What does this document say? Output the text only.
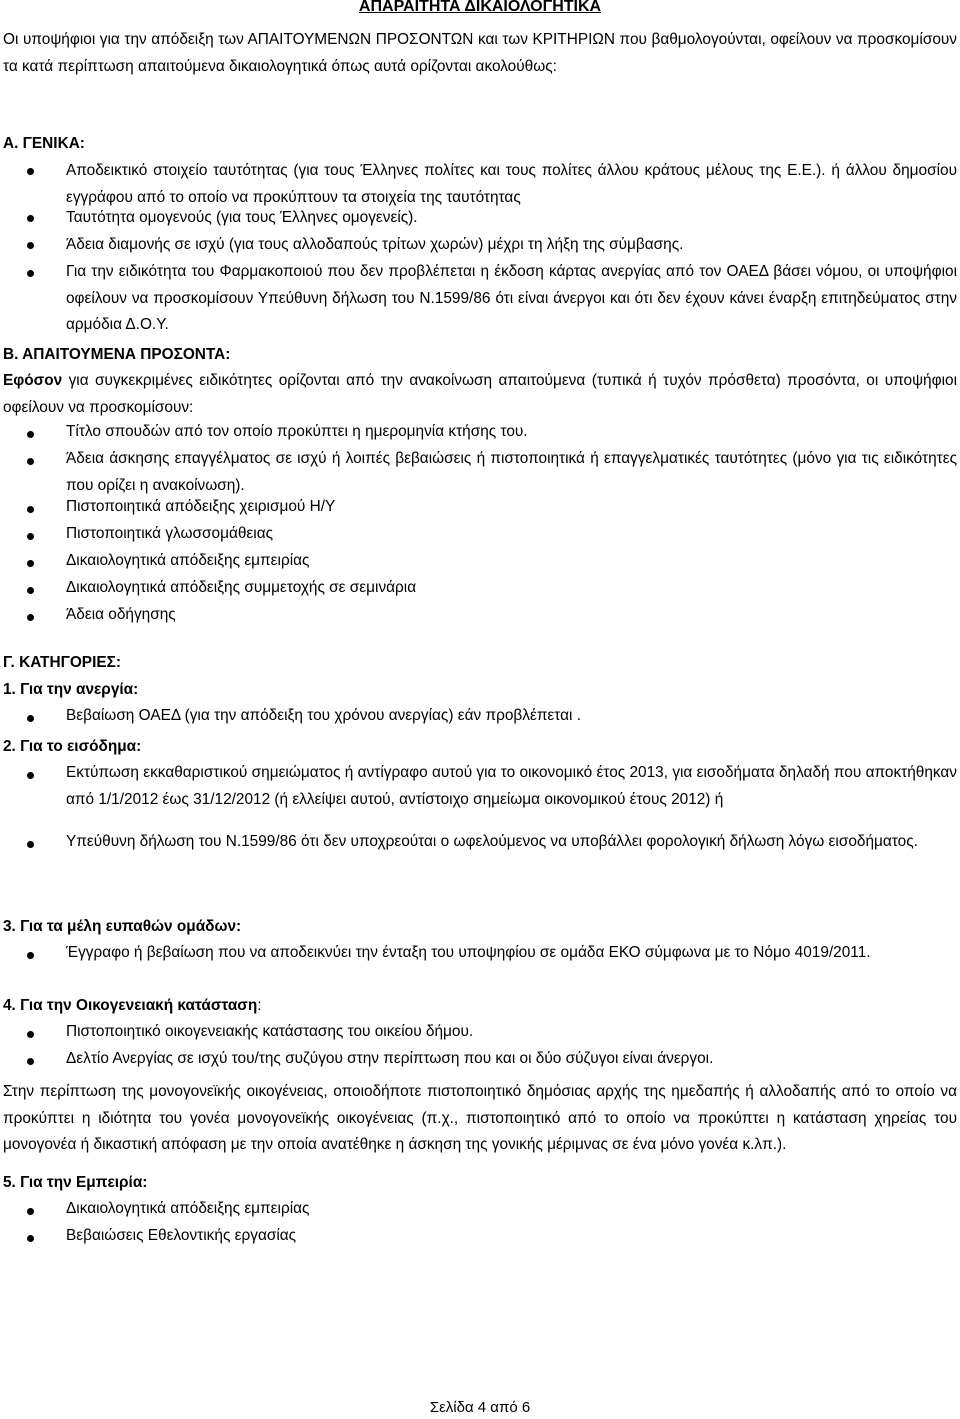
ΑΠΑΡΑΙΤΗΤΑ ΔΙΚΑΙΟΛΟΓΗΤΙΚΑ
Οι υποψήφιοι για την απόδειξη των ΑΠΑΙΤΟΥΜΕΝΩΝ ΠΡΟΣΟΝΤΩΝ και των ΚΡΙΤΗΡΙΩΝ που βαθμολογούνται, οφείλουν να προσκομίσουν τα κατά περίπτωση απαιτούμενα δικαιολογητικά όπως αυτά ορίζονται ακολούθως:
Α. ΓΕΝΙΚΑ:
Αποδεικτικό στοιχείο ταυτότητας (για τους Έλληνες πολίτες και τους πολίτες άλλου κράτους μέλους της Ε.Ε.). ή άλλου δημοσίου εγγράφου από το οποίο να προκύπτουν τα στοιχεία της ταυτότητας
Ταυτότητα ομογενούς (για τους Έλληνες ομογενείς).
Άδεια διαμονής σε ισχύ (για τους αλλοδαπούς τρίτων χωρών) μέχρι τη λήξη της σύμβασης.
Για την ειδικότητα του Φαρμακοποιού που δεν προβλέπεται η έκδοση κάρτας ανεργίας από τον ΟΑΕΔ βάσει νόμου, οι υποψήφιοι οφείλουν να προσκομίσουν Υπεύθυνη δήλωση του Ν.1599/86 ότι είναι άνεργοι και ότι δεν έχουν κάνει έναρξη επιτηδεύματος στην αρμόδια Δ.Ο.Υ.
Β. ΑΠΑΙΤΟΥΜΕΝΑ ΠΡΟΣΟΝΤΑ:
Εφόσον για συγκεκριμένες ειδικότητες ορίζονται από την ανακοίνωση απαιτούμενα (τυπικά ή τυχόν πρόσθετα) προσόντα, οι υποψήφιοι οφείλουν να προσκομίσουν:
Τίτλο σπουδών από τον οποίο προκύπτει η ημερομηνία κτήσης του.
Άδεια άσκησης επαγγέλματος σε ισχύ ή λοιπές βεβαιώσεις ή πιστοποιητικά ή επαγγελματικές ταυτότητες (μόνο για τις ειδικότητες που ορίζει η ανακοίνωση).
Πιστοποιητικά απόδειξης χειρισμού Η/Υ
Πιστοποιητικά γλωσσομάθειας
Δικαιολογητικά απόδειξης εμπειρίας
Δικαιολογητικά απόδειξης συμμετοχής σε σεμινάρια
Άδεια οδήγησης
Γ. ΚΑΤΗΓΟΡΙΕΣ:
1. Για την ανεργία:
Βεβαίωση ΟΑΕΔ (για την απόδειξη του χρόνου ανεργίας) εάν προβλέπεται .
2. Για το εισόδημα:
Εκτύπωση εκκαθαριστικού σημειώματος ή αντίγραφο αυτού για το οικονομικό έτος 2013, για εισοδήματα δηλαδή που αποκτήθηκαν από 1/1/2012 έως 31/12/2012 (ή ελλείψει αυτού, αντίστοιχο σημείωμα οικονομικού έτους 2012) ή
Υπεύθυνη δήλωση του Ν.1599/86 ότι δεν υποχρεούται ο ωφελούμενος να υποβάλλει φορολογική δήλωση λόγω εισοδήματος.
3. Για τα μέλη ευπαθών ομάδων:
Έγγραφο ή βεβαίωση που να αποδεικνύει την ένταξη του υποψηφίου σε ομάδα ΕΚΟ σύμφωνα με το Νόμο 4019/2011.
4. Για την Οικογενειακή κατάσταση:
Πιστοποιητικό οικογενειακής κατάστασης του οικείου δήμου.
Δελτίο Ανεργίας σε ισχύ του/της συζύγου στην περίπτωση που και οι δύο σύζυγοι είναι άνεργοι.
Στην περίπτωση της μονογονεϊκής οικογένειας, οποιοδήποτε πιστοποιητικό δημόσιας αρχής της ημεδαπής ή αλλοδαπής από το οποίο να προκύπτει η ιδιότητα του γονέα μονογονεϊκής οικογένειας (π.χ., πιστοποιητικό από το οποίο να προκύπτει η κατάσταση χηρείας του μονογονέα ή δικαστική απόφαση με την οποία ανατέθηκε η άσκηση της γονικής μέριμνας σε ένα μόνο γονέα κ.λπ.).
5. Για την Εμπειρία:
Δικαιολογητικά απόδειξης εμπειρίας
Βεβαιώσεις Εθελοντικής εργασίας
Σελίδα 4 από 6
